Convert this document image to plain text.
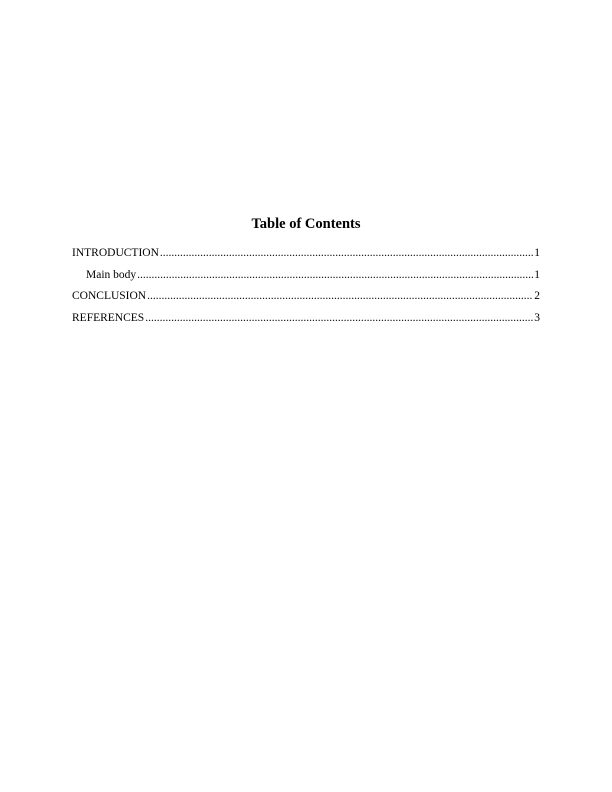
Table of Contents
INTRODUCTION .....	1
Main body .....	1
CONCLUSION .....	2
REFERENCES .....	3
